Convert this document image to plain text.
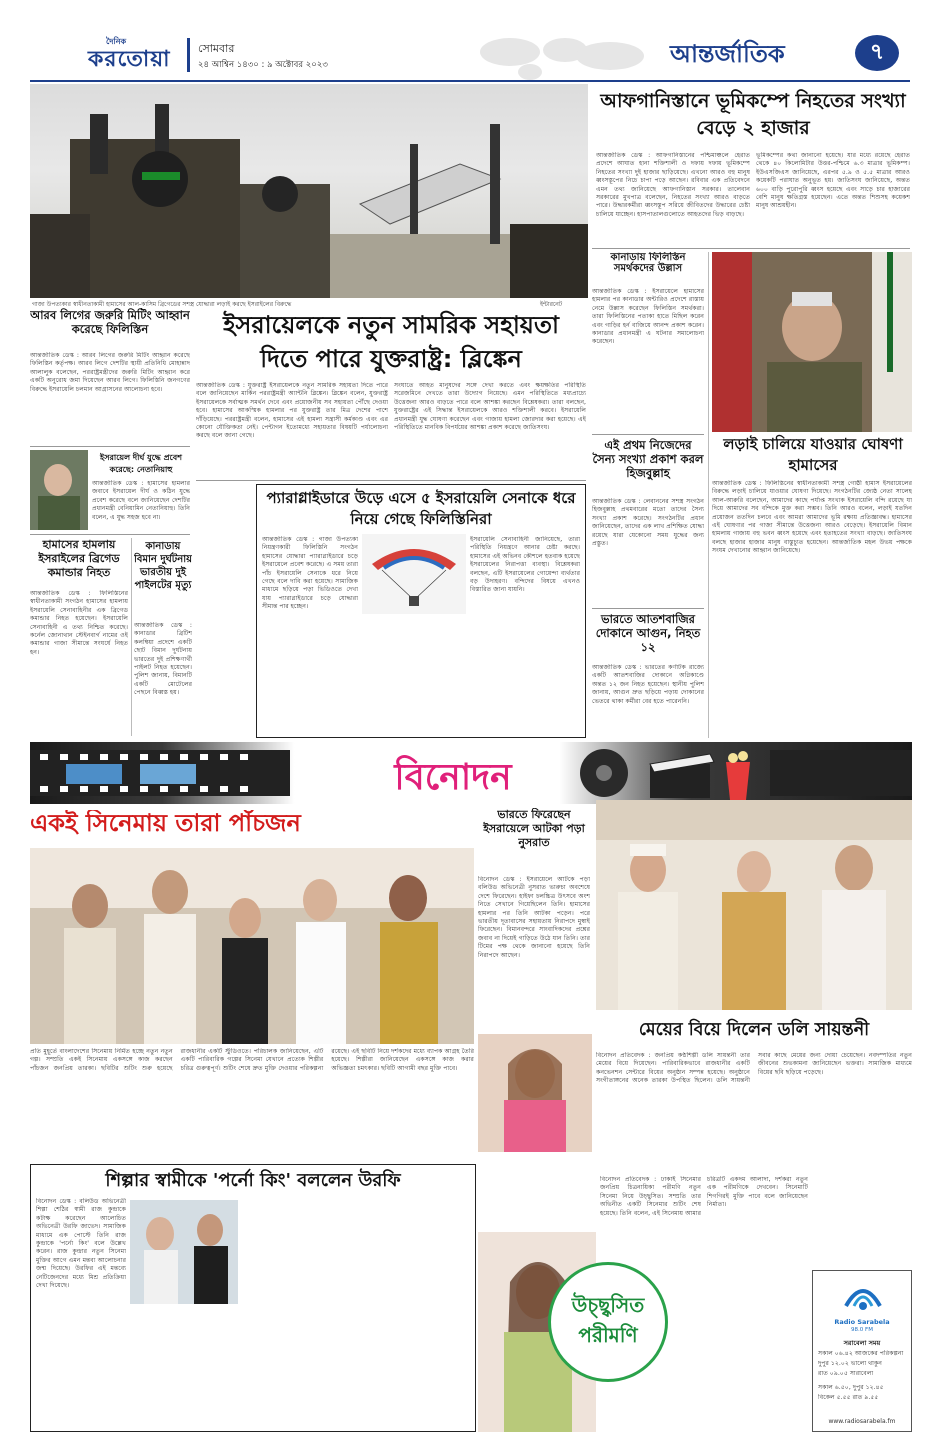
দৈনিক
করতোয়া সোমবার
২৪ আশ্বিন ১৪৩০ : ৯ অক্টোবর ২০২৩	আন্তর্জাতিক	৭
গাজা উপত্যকার স্বাধীনতাকামী হামাসের আল-কাসিম ব্রিগেডের সশস্ত্র যোদ্ধারা লড়াই করছে ইসরাইলের বিরুদ্ধে	ইন্টারনেট
আফগানিস্তানে ভূমিকম্পে নিহতের সংখ্যা বেড়ে ২ হাজার
আন্তর্জাতিক ডেস্ক : আফগানিস্তানের পশ্চিমাঞ্চলে হেরাত প্রদেশে আঘাত হানা শক্তিশালী ও দফায় দফায় ভূমিকম্পে নিহতের সংখ্যা দুই হাজার ছাড়িয়েছে। এখনো আরও বহু মানুষ ধ্বংসস্তূপের নিচে চাপা পড়ে আছেন। রবিবার এক প্রতিবেদনে এমন তথ্য জানিয়েছে আফগানিস্তান সরকার। তালেবান সরকারের মুখপাত্র বলেছেন, নিহতের সংখ্যা আরও বাড়তে পারে। উদ্ধারকর্মীরা ধ্বংসস্তূপ সরিয়ে জীবিতদের উদ্ধারের চেষ্টা চালিয়ে যাচ্ছেন। হাসপাতালগুলোতে আহতদের ভিড় বাড়ছে।
ভূমিকম্পের কথা জানানো হয়েছে। যার মধ্যে রয়েছে হেরাত থেকে ৪০ কিলোমিটার উত্তর-পশ্চিমে ৬.৩ মাত্রার ভূমিকম্প। ইউএসজিএস জানিয়েছে, এরপর ৫.৯ ও ৫.৫ মাত্রার আরও কয়েকটি পরাঘাত অনুভূত হয়। জাতিসংঘ জানিয়েছে, অন্তত ৬০০ বাড়ি পুরোপুরি ধ্বংস হয়েছে এবং সাড়ে চার হাজারের বেশি মানুষ ক্ষতিগ্রস্ত হয়েছেন। এতে অন্তত শিশুসহ কয়েকশ মানুষ আশ্রয়হীন।
কানাডায় ফিলিস্তিন সমর্থকদের উল্লাস
আন্তর্জাতিক ডেস্ক : ইসরায়েলে হামাসের হামলার পর কানাডার অন্টারিও প্রদেশে রাস্তায় নেমে উল্লাস করেছেন ফিলিস্তিন সমর্থকরা। তারা ফিলিস্তিনের পতাকা হাতে মিছিল করেন এবং গাড়ির হর্ন বাজিয়ে আনন্দ প্রকাশ করেন। কানাডার প্রধানমন্ত্রী এ ঘটনার সমালোচনা করেছেন।
এই প্রথম নিজেদের সৈন্য সংখ্যা প্রকাশ করল হিজবুল্লাহ
আন্তর্জাতিক ডেস্ক : লেবাননের সশস্ত্র সংগঠন হিজবুল্লাহ প্রথমবারের মতো তাদের সৈন্য সংখ্যা প্রকাশ করেছে। সংগঠনটির প্রধান জানিয়েছেন, তাদের এক লাখ প্রশিক্ষিত যোদ্ধা রয়েছে যারা যেকোনো সময় যুদ্ধের জন্য প্রস্তুত।
ভারতে আতশবাজির দোকানে আগুন, নিহত ১২
আন্তর্জাতিক ডেস্ক : ভারতের কর্ণাটক রাজ্যে একটি আতশবাজির দোকানে অগ্নিকাণ্ডে অন্তত ১২ জন নিহত হয়েছেন। স্থানীয় পুলিশ জানায়, আগুন দ্রুত ছড়িয়ে পড়ায় দোকানের ভেতরে থাকা কর্মীরা বের হতে পারেননি।
লড়াই চালিয়ে যাওয়ার ঘোষণা হামাসের
আন্তর্জাতিক ডেস্ক : ফিলিস্তিনের স্বাধীনতাকামী সশস্ত্র গোষ্ঠী হামাস ইসরায়েলের বিরুদ্ধে লড়াই চালিয়ে যাওয়ার ঘোষণা দিয়েছে। সংগঠনটির জ্যেষ্ঠ নেতা সালেহ আল-আরুরি বলেছেন, আমাদের কাছে পর্যাপ্ত সংখ্যক ইসরায়েলি বন্দি রয়েছে যা দিয়ে আমাদের সব বন্দিকে মুক্ত করা সম্ভব। তিনি আরও বলেন, লড়াই যতদিন প্রয়োজন ততদিন চলবে এবং আমরা আমাদের ভূমি রক্ষায় প্রতিজ্ঞাবদ্ধ। হামাসের এই ঘোষণার পর গাজা সীমান্তে উত্তেজনা আরও বেড়েছে। ইসরায়েলি বিমান হামলায় গাজায় বহু ভবন ধ্বংস হয়েছে এবং হতাহতের সংখ্যা বাড়ছে। জাতিসংঘ বলছে হাজার হাজার মানুষ বাস্তুচ্যুত হয়েছেন। আন্তর্জাতিক মহল উভয় পক্ষকে সংযম দেখানোর আহ্বান জানিয়েছে।
ইসরায়েলকে নতুন সামরিক সহায়তা দিতে পারে যুক্তরাষ্ট্র: ব্লিঙ্কেন
আন্তর্জাতিক ডেস্ক : যুক্তরাষ্ট্র ইসরায়েলকে নতুন সামরিক সহায়তা দিতে পারে বলে জানিয়েছেন মার্কিন পররাষ্ট্রমন্ত্রী অ্যান্টনি ব্লিঙ্কেন। ব্লিঙ্কেন বলেন, যুক্তরাষ্ট্র ইসরায়েলকে সর্বাত্মক সমর্থন দেবে এবং প্রয়োজনীয় সব সহায়তা পৌঁছে দেওয়া হবে। হামাসের আকস্মিক হামলার পর যুক্তরাষ্ট্র তার মিত্র দেশের পাশে দাঁড়িয়েছে। পররাষ্ট্রমন্ত্রী বলেন, হামাসের এই হামলা সন্ত্রাসী কর্মকাণ্ড এবং এর কোনো যৌক্তিকতা নেই। পেন্টাগন ইতোমধ্যে সহায়তার বিষয়টি পর্যালোচনা করছে বলে জানা গেছে।
সংঘাতে আহত মানুষদের সঙ্গে দেখা করতে এবং ক্ষয়ক্ষতির পরিস্থিতি সরেজমিনে দেখতে তারা উদ্যোগ নিয়েছে। এমন পরিস্থিতিতে মধ্যপ্রাচ্যে উত্তেজনা আরও বাড়তে পারে বলে আশঙ্কা করছেন বিশ্লেষকরা। তারা বলছেন, যুক্তরাষ্ট্রের এই সিদ্ধান্ত ইসরায়েলকে আরও শক্তিশালী করবে। ইসরায়েলি প্রধানমন্ত্রী যুদ্ধ ঘোষণা করেছেন এবং গাজায় হামলা জোরদার করা হয়েছে। এই পরিস্থিতিতে মানবিক বিপর্যয়ের আশঙ্কা প্রকাশ করেছে জাতিসংঘ।
আরব লিগের জরুরি মিটিং আহ্বান করেছে ফিলিস্তিন
আন্তর্জাতিক ডেস্ক : আরব লিগের জরুরি মিটিং আহ্বান করেছে ফিলিস্তিন কর্তৃপক্ষ। আরব লিগে দেশটির স্থায়ী প্রতিনিধি মোহান্নাদ আলালুক বলেছেন, পররাষ্ট্রমন্ত্রীদের জরুরি মিটিং আহ্বান করে একটি অনুরোধ জমা দিয়েছেন আরব লিগে। ফিলিস্তিনি জনগণের বিরুদ্ধে ইসরায়েলি চলমান আগ্রাসনের আলোচনা হবে।
ইসরায়েল দীর্ঘ যুদ্ধে প্রবেশ করেছে: নেতানিয়াহু
আন্তর্জাতিক ডেস্ক : হামাসের হামলার জবাবে ইসরায়েল দীর্ঘ ও কঠিন যুদ্ধে প্রবেশ করেছে বলে জানিয়েছেন দেশটির প্রধানমন্ত্রী বেনিয়ামিন নেতানিয়াহু। তিনি বলেন, এ যুদ্ধ সহজ হবে না।
হামাসের হামলায় ইসরাইলের ব্রিগেড কমান্ডার নিহত
আন্তর্জাতিক ডেস্ক : ফিলিস্তিনের স্বাধীনতাকামী সংগঠন হামাসের হামলায় ইসরায়েলি সেনাবাহিনীর এক ব্রিগেড কমান্ডার নিহত হয়েছেন। ইসরায়েলি সেনাবাহিনী এ তথ্য নিশ্চিত করেছে। কর্নেল জোনাথান স্টেইনবার্গ নামের ওই কমান্ডার গাজা সীমান্তে সংঘর্ষে নিহত হন।
কানাডায় বিমান দুর্ঘটনায় ভারতীয় দুই পাইলটের মৃত্যু
আন্তর্জাতিক ডেস্ক : কানাডার ব্রিটিশ কলম্বিয়া প্রদেশে একটি ছোট বিমান দুর্ঘটনায় ভারতের দুই প্রশিক্ষণার্থী পাইলট নিহত হয়েছেন। পুলিশ জানায়, বিমানটি একটি মোটেলের পেছনে বিধ্বস্ত হয়।
প্যারাগ্লাইডারে উড়ে এসে ৫ ইসরায়েলি সেনাকে ধরে নিয়ে গেছে ফিলিস্তিনিরা
আন্তর্জাতিক ডেস্ক : গাজা উপত্যকা নিয়ন্ত্রণকারী ফিলিস্তিনি সংগঠন হামাসের যোদ্ধারা প্যারাগ্লাইডারে চড়ে ইসরায়েলে প্রবেশ করেছে। এ সময় তারা পাঁচ ইসরায়েলি সেনাকে ধরে নিয়ে গেছে বলে দাবি করা হয়েছে। সামাজিক মাধ্যমে ছড়িয়ে পড়া ভিডিওতে দেখা যায় প্যারাগ্লাইডারে চড়ে যোদ্ধারা সীমান্ত পার হচ্ছেন।
ইসরায়েলি সেনাবাহিনী জানিয়েছে, তারা পরিস্থিতি নিয়ন্ত্রণে আনার চেষ্টা করছে। হামাসের এই অভিনব কৌশলে হতবাক হয়েছে ইসরায়েলের নিরাপত্তা ব্যবস্থা। বিশ্লেষকরা বলছেন, এটি ইসরায়েলের গোয়েন্দা ব্যর্থতার বড় উদাহরণ। বন্দিদের বিষয়ে এখনও বিস্তারিত জানা যায়নি।
বিনোদন
একই সিনেমায় তারা পাঁচজন
প্রতি মুহূর্তে বাংলাদেশের সিনেমায় নির্মিত হচ্ছে নতুন নতুন গল্প। সম্প্রতি একই সিনেমায় একসঙ্গে কাজ করছেন পাঁচজন জনপ্রিয় তারকা। ছবিটির শুটিং শুরু হয়েছে রাজধানীর একটি স্টুডিওতে। পরিচালক জানিয়েছেন, এটি একটি পারিবারিক গল্পের সিনেমা যেখানে প্রত্যেক শিল্পীর চরিত্র গুরুত্বপূর্ণ। শুটিং শেষে দ্রুত মুক্তি দেওয়ার পরিকল্পনা রয়েছে। এই ছবিটি নিয়ে দর্শকদের মধ্যে ব্যাপক আগ্রহ তৈরি হয়েছে। শিল্পীরা জানিয়েছেন একসঙ্গে কাজ করার অভিজ্ঞতা চমৎকার। ছবিটি আগামী বছর মুক্তি পাবে।
ভারতে ফিরেছেন ইসরায়েলে আটকা পড়া নুসরাত
বিনোদন ডেস্ক : ইসরায়েলে আটকে পড়া বলিউড অভিনেত্রী নুসরাত ভারুচা অবশেষে দেশে ফিরেছেন। হাইফা চলচ্চিত্র উৎসবে অংশ নিতে সেখানে গিয়েছিলেন তিনি। হামাসের হামলার পর তিনি আটকা পড়েন। পরে ভারতীয় দূতাবাসের সহায়তায় নিরাপদে মুম্বাই ফিরেছেন। বিমানবন্দরে সাংবাদিকদের প্রশ্নের জবাব না দিয়েই গাড়িতে উঠে যান তিনি। তার টিমের পক্ষ থেকে জানানো হয়েছে তিনি নিরাপদে আছেন।
মেয়ের বিয়ে দিলেন ডলি সায়ন্তনী
বিনোদন প্রতিবেদক : জনপ্রিয় কণ্ঠশিল্পী ডলি সায়ন্তনী তার মেয়ের বিয়ে দিয়েছেন। পারিবারিকভাবে রাজধানীর একটি কনভেনশন সেন্টারে বিয়ের অনুষ্ঠান সম্পন্ন হয়েছে। অনুষ্ঠানে সংগীতাঙ্গনের অনেক তারকা উপস্থিত ছিলেন। ডলি সায়ন্তনী সবার কাছে মেয়ের জন্য দোয়া চেয়েছেন। নবদম্পতির নতুন জীবনের শুভকামনা জানিয়েছেন ভক্তরা। সামাজিক মাধ্যমে বিয়ের ছবি ছড়িয়ে পড়েছে।
শিল্পার স্বামীকে 'পর্নো কিং' বললেন উরফি
বিনোদন ডেস্ক : বলিউড অভিনেত্রী শিল্পা শেঠির স্বামী রাজ কুন্দ্রাকে কটাক্ষ করেছেন আলোচিত অভিনেত্রী উরফি জাভেদ। সামাজিক মাধ্যমে এক পোস্টে তিনি রাজ কুন্দ্রাকে 'পর্নো কিং' বলে উল্লেখ করেন। রাজ কুন্দ্রার নতুন সিনেমা মুক্তির আগে এমন মন্তব্য আলোচনার জন্ম দিয়েছে। উরফির এই মন্তব্যে নেটিজেনদের মধ্যে মিশ্র প্রতিক্রিয়া দেখা দিয়েছে।
উচ্ছ্বসিত পরীমণি
বিনোদন প্রতিবেদক : ঢাকাই সিনেমার জনপ্রিয় চিত্রনায়িকা পরীমণি নতুন সিনেমা নিয়ে উচ্ছ্বসিত। সম্প্রতি তার অভিনীত একটি সিনেমার শুটিং শেষ হয়েছে। তিনি বলেন, এই সিনেমায় আমার চরিত্রটি একদম আলাদা, দর্শকরা নতুন এক পরীমণিকে দেখবেন। সিনেমাটি শিগগিরই মুক্তি পাবে বলে জানিয়েছেন নির্মাতা।
Radio Sarabela
98.0 FM
সরাবেলা সময়
সকাল ০৬.৪২ আজকের পরিকল্পনা
দুপুর ১২.০২ ভালো থাকুন
রাত ০৯.০৫ সারাবেলা
সকাল ৬.৫০, দুপুর ১২.৪৫
বিকেল ৫.৫৫ রাত ৯.৫৫
www.radiosarabela.fm
